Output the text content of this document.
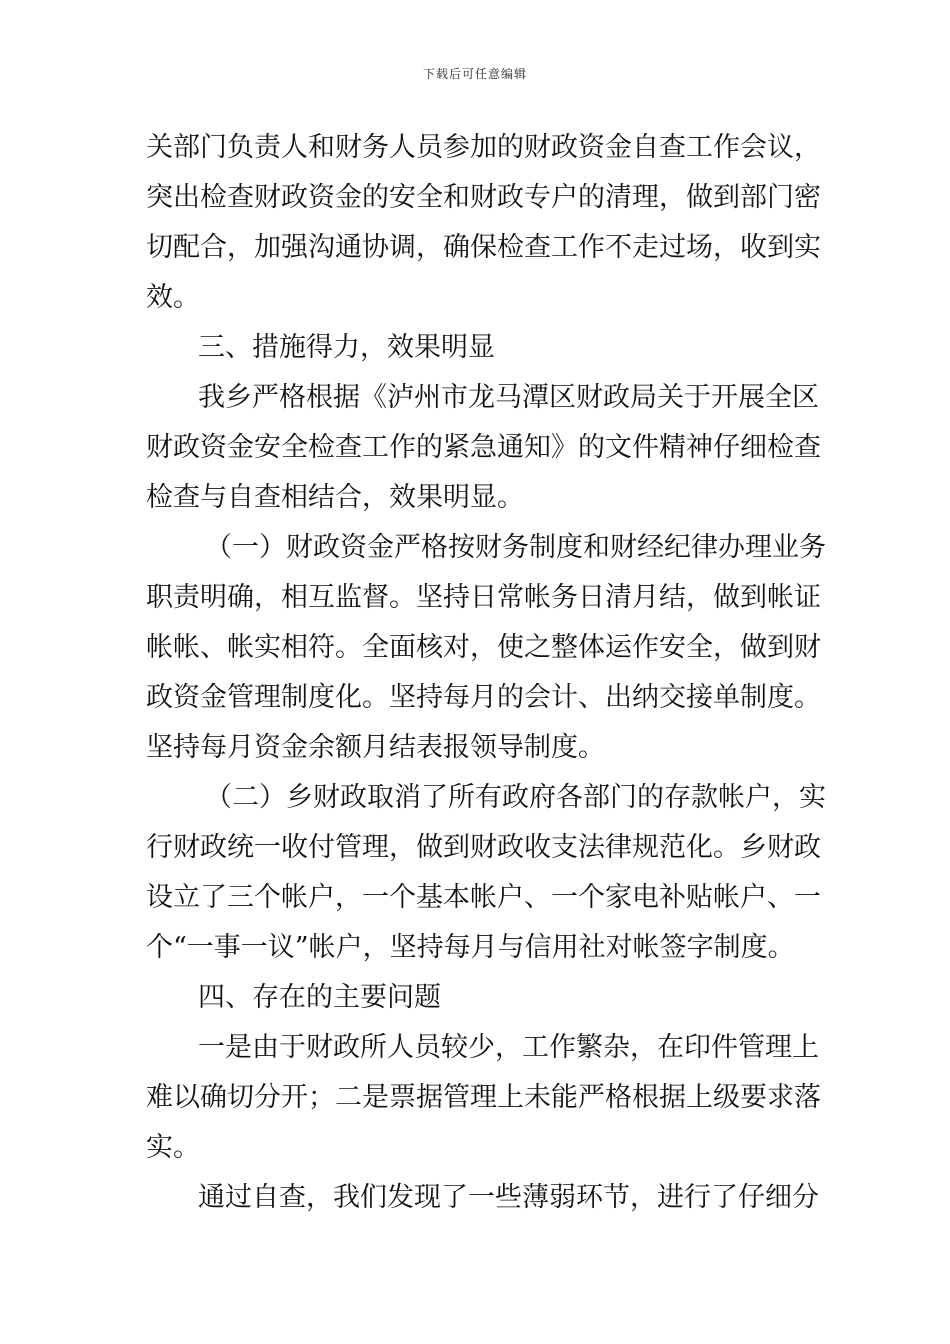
下载后可任意编辑
关部门负责人和财务人员参加的财政资金自查工作会议，
突出检查财政资金的安全和财政专户的清理，做到部门密
切配合，加强沟通协调，确保检查工作不走过场，收到实
效。
三、措施得力，效果明显
我乡严格根据《泸州市龙马潭区财政局关于开展全区
财政资金安全检查工作的紧急通知》的文件精神仔细检查
检查与自查相结合，效果明显。
（一）财政资金严格按财务制度和财经纪律办理业务
职责明确，相互监督。坚持日常帐务日清月结，做到帐证
帐帐、帐实相符。全面核对，使之整体运作安全，做到财
政资金管理制度化。坚持每月的会计、出纳交接单制度。
坚持每月资金余额月结表报领导制度。
（二）乡财政取消了所有政府各部门的存款帐户，实
行财政统一收付管理，做到财政收支法律规范化。乡财政
设立了三个帐户，一个基本帐户、一个家电补贴帐户、一
个“一事一议”帐户，坚持每月与信用社对帐签字制度。
四、存在的主要问题
一是由于财政所人员较少，工作繁杂，在印件管理上
难以确切分开；二是票据管理上未能严格根据上级要求落
实。
通过自查，我们发现了一些薄弱环节，进行了仔细分
